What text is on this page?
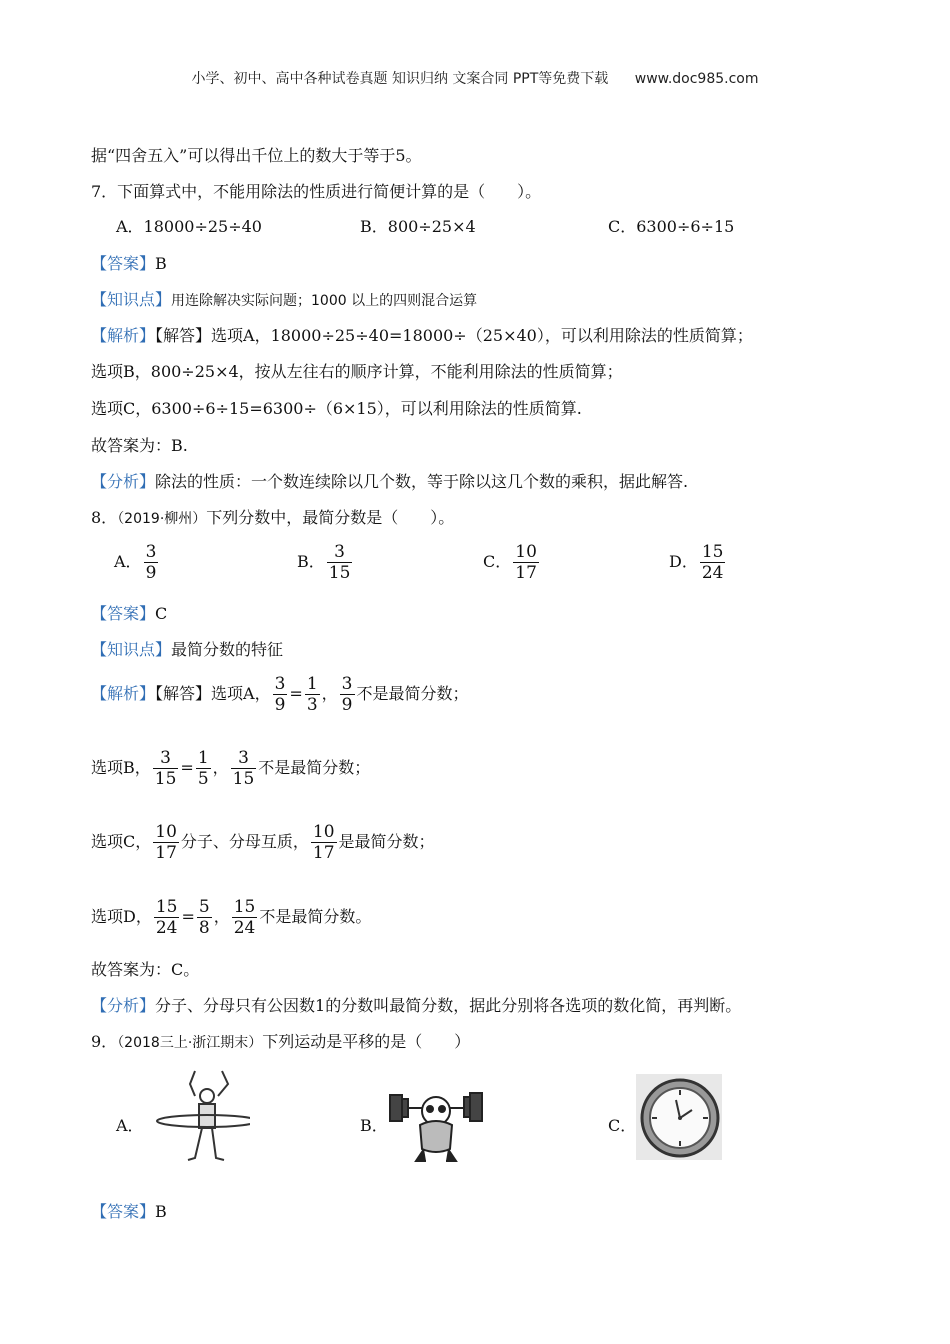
小学、初中、高中各种试卷真题 知识归纳 文案合同 PPT等免费下载 www.doc985.com
据“四舍五入”可以得出千位上的数大于等于5。
7．下面算式中，不能用除法的性质进行简便计算的是（　　）。
A．18000÷25÷40	B．800÷25×4	C．6300÷6÷15
【答案】B
【知识点】用连除解决实际问题；1000 以上的四则混合运算
【解析】【解答】选项A，18000÷25÷40=18000÷（25×40），可以利用除法的性质简算；
选项B，800÷25×4，按从左往右的顺序计算，不能利用除法的性质简算；
选项C，6300÷6÷15=6300÷（6×15），可以利用除法的性质简算.
故答案为：B.
【分析】除法的性质：一个数连续除以几个数，等于除以这几个数的乘积，据此解答.
8．（2019·柳州）下列分数中，最简分数是（　　）。
A． $\frac{3}{9}$	B． $\frac{3}{15}$	C． $\frac{10}{17}$	D． $\frac{15}{24}$
【答案】C
【知识点】最简分数的特征
【解析】【解答】选项A， $\frac{3}{9} = \frac{1}{3}$ ， $\frac{3}{9}$ 不是最简分数；
选项B， $\frac{3}{15} = \frac{1}{5}$ ， $\frac{3}{15}$ 不是最简分数；
选项C， $\frac{10}{17}$ 分子、分母互质， $\frac{10}{17}$ 是最简分数；
选项D， $\frac{15}{24} = \frac{5}{8}$ ， $\frac{15}{24}$ 不是最简分数。
故答案为：C。
【分析】分子、分母只有公因数1的分数叫最简分数，据此分别将各选项的数化简，再判断。
9．（2018三上·浙江期末）下列运动是平移的是（　　）
A．	B．	C．
【答案】B
